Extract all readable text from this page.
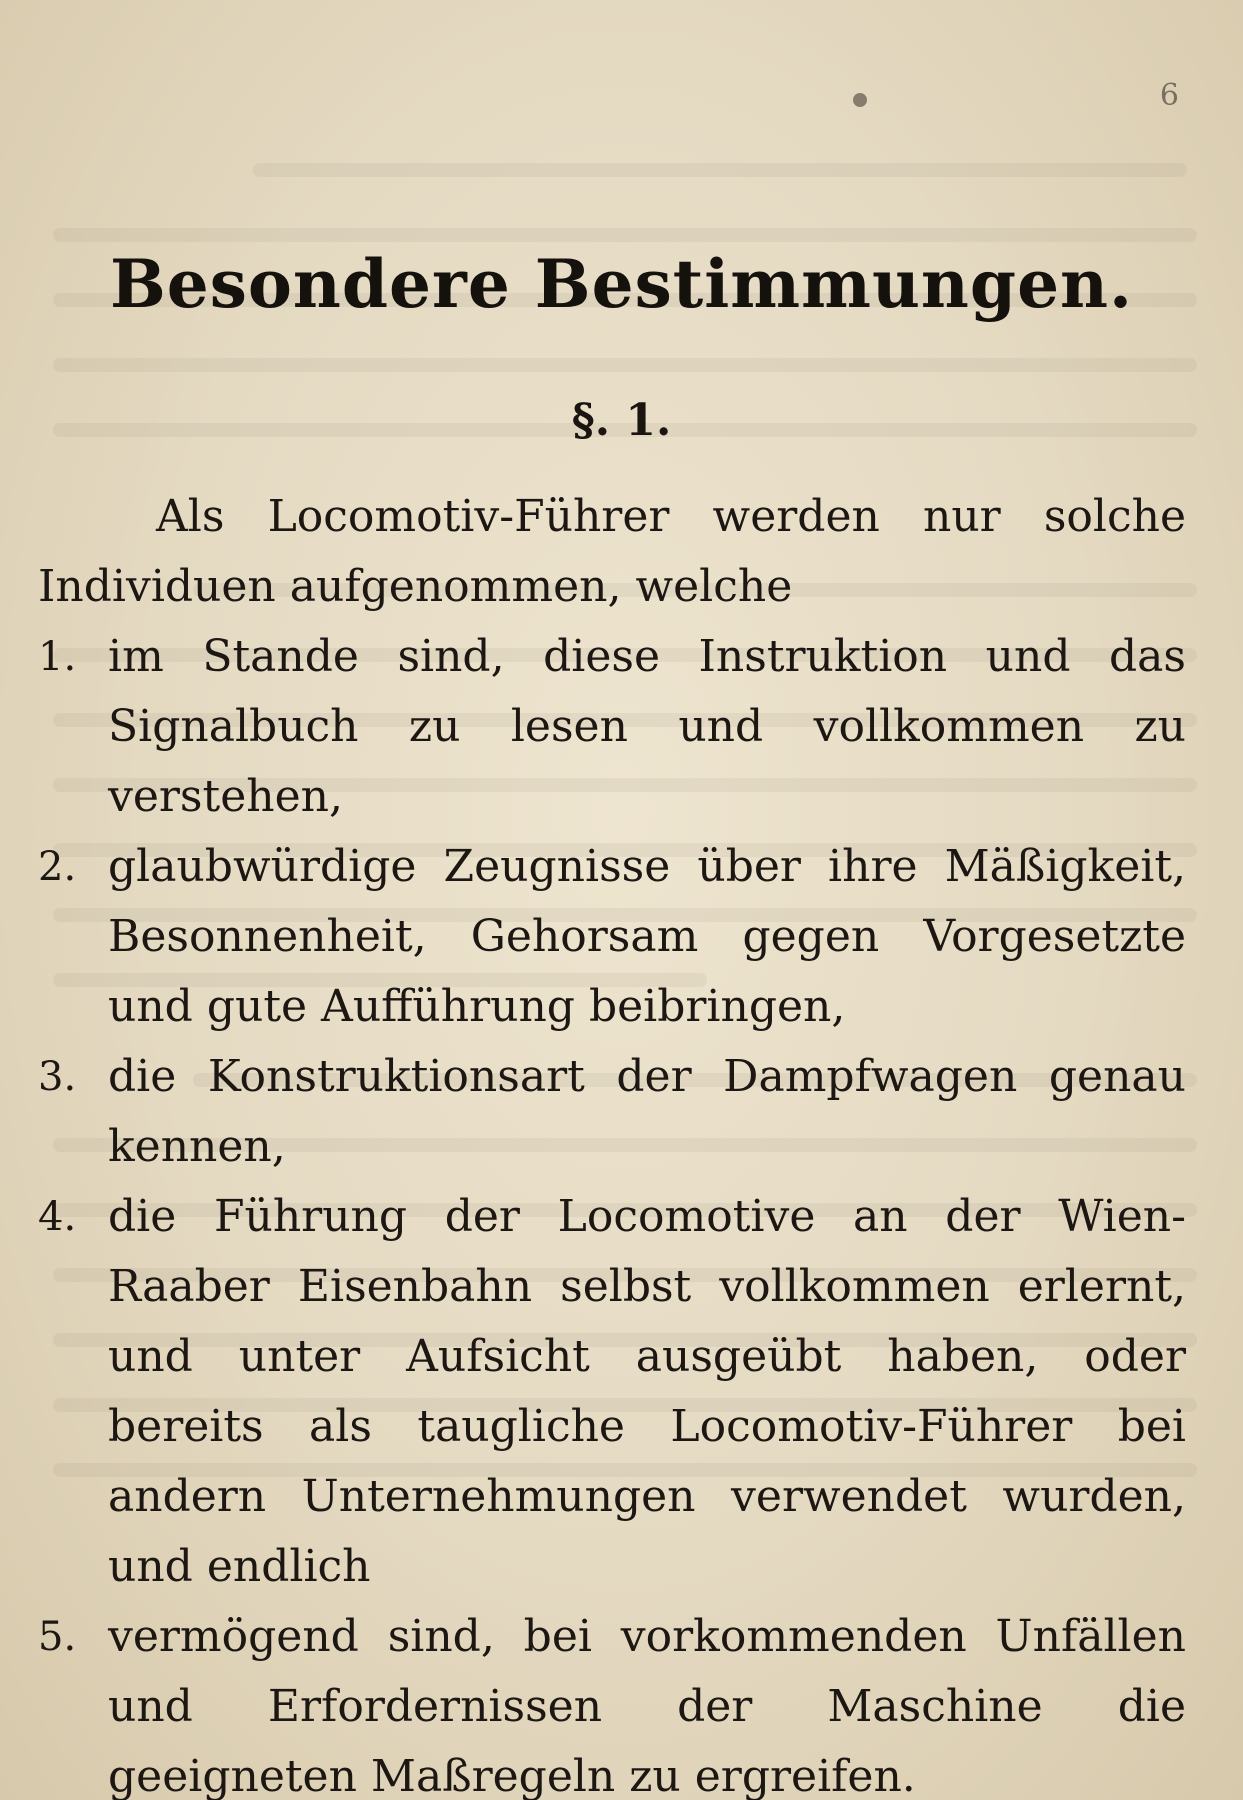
6
Besondere Bestimmungen.
§. 1.

Als Locomotiv-Führer werden nur solche Individuen aufgenommen, welche

1. im Stande sind, diese Instruktion und das Signalbuch zu lesen und vollkommen zu verstehen,
2. glaubwürdige Zeugnisse über ihre Mäßigkeit, Besonnenheit, Gehorsam gegen Vorgesetzte und gute Aufführung beibringen,
3. die Konstruktionsart der Dampfwagen genau kennen,
4. die Führung der Locomotive an der Wien-Raaber Eisenbahn selbst vollkommen erlernt, und unter Aufsicht ausgeübt haben, oder bereits als taugliche Locomotiv-Führer bei andern Unternehmungen verwendet wurden, und endlich
5. vermögend sind, bei vorkommenden Unfällen und Erfordernissen der Maschine die geeigneten Maßregeln zu ergreifen.
